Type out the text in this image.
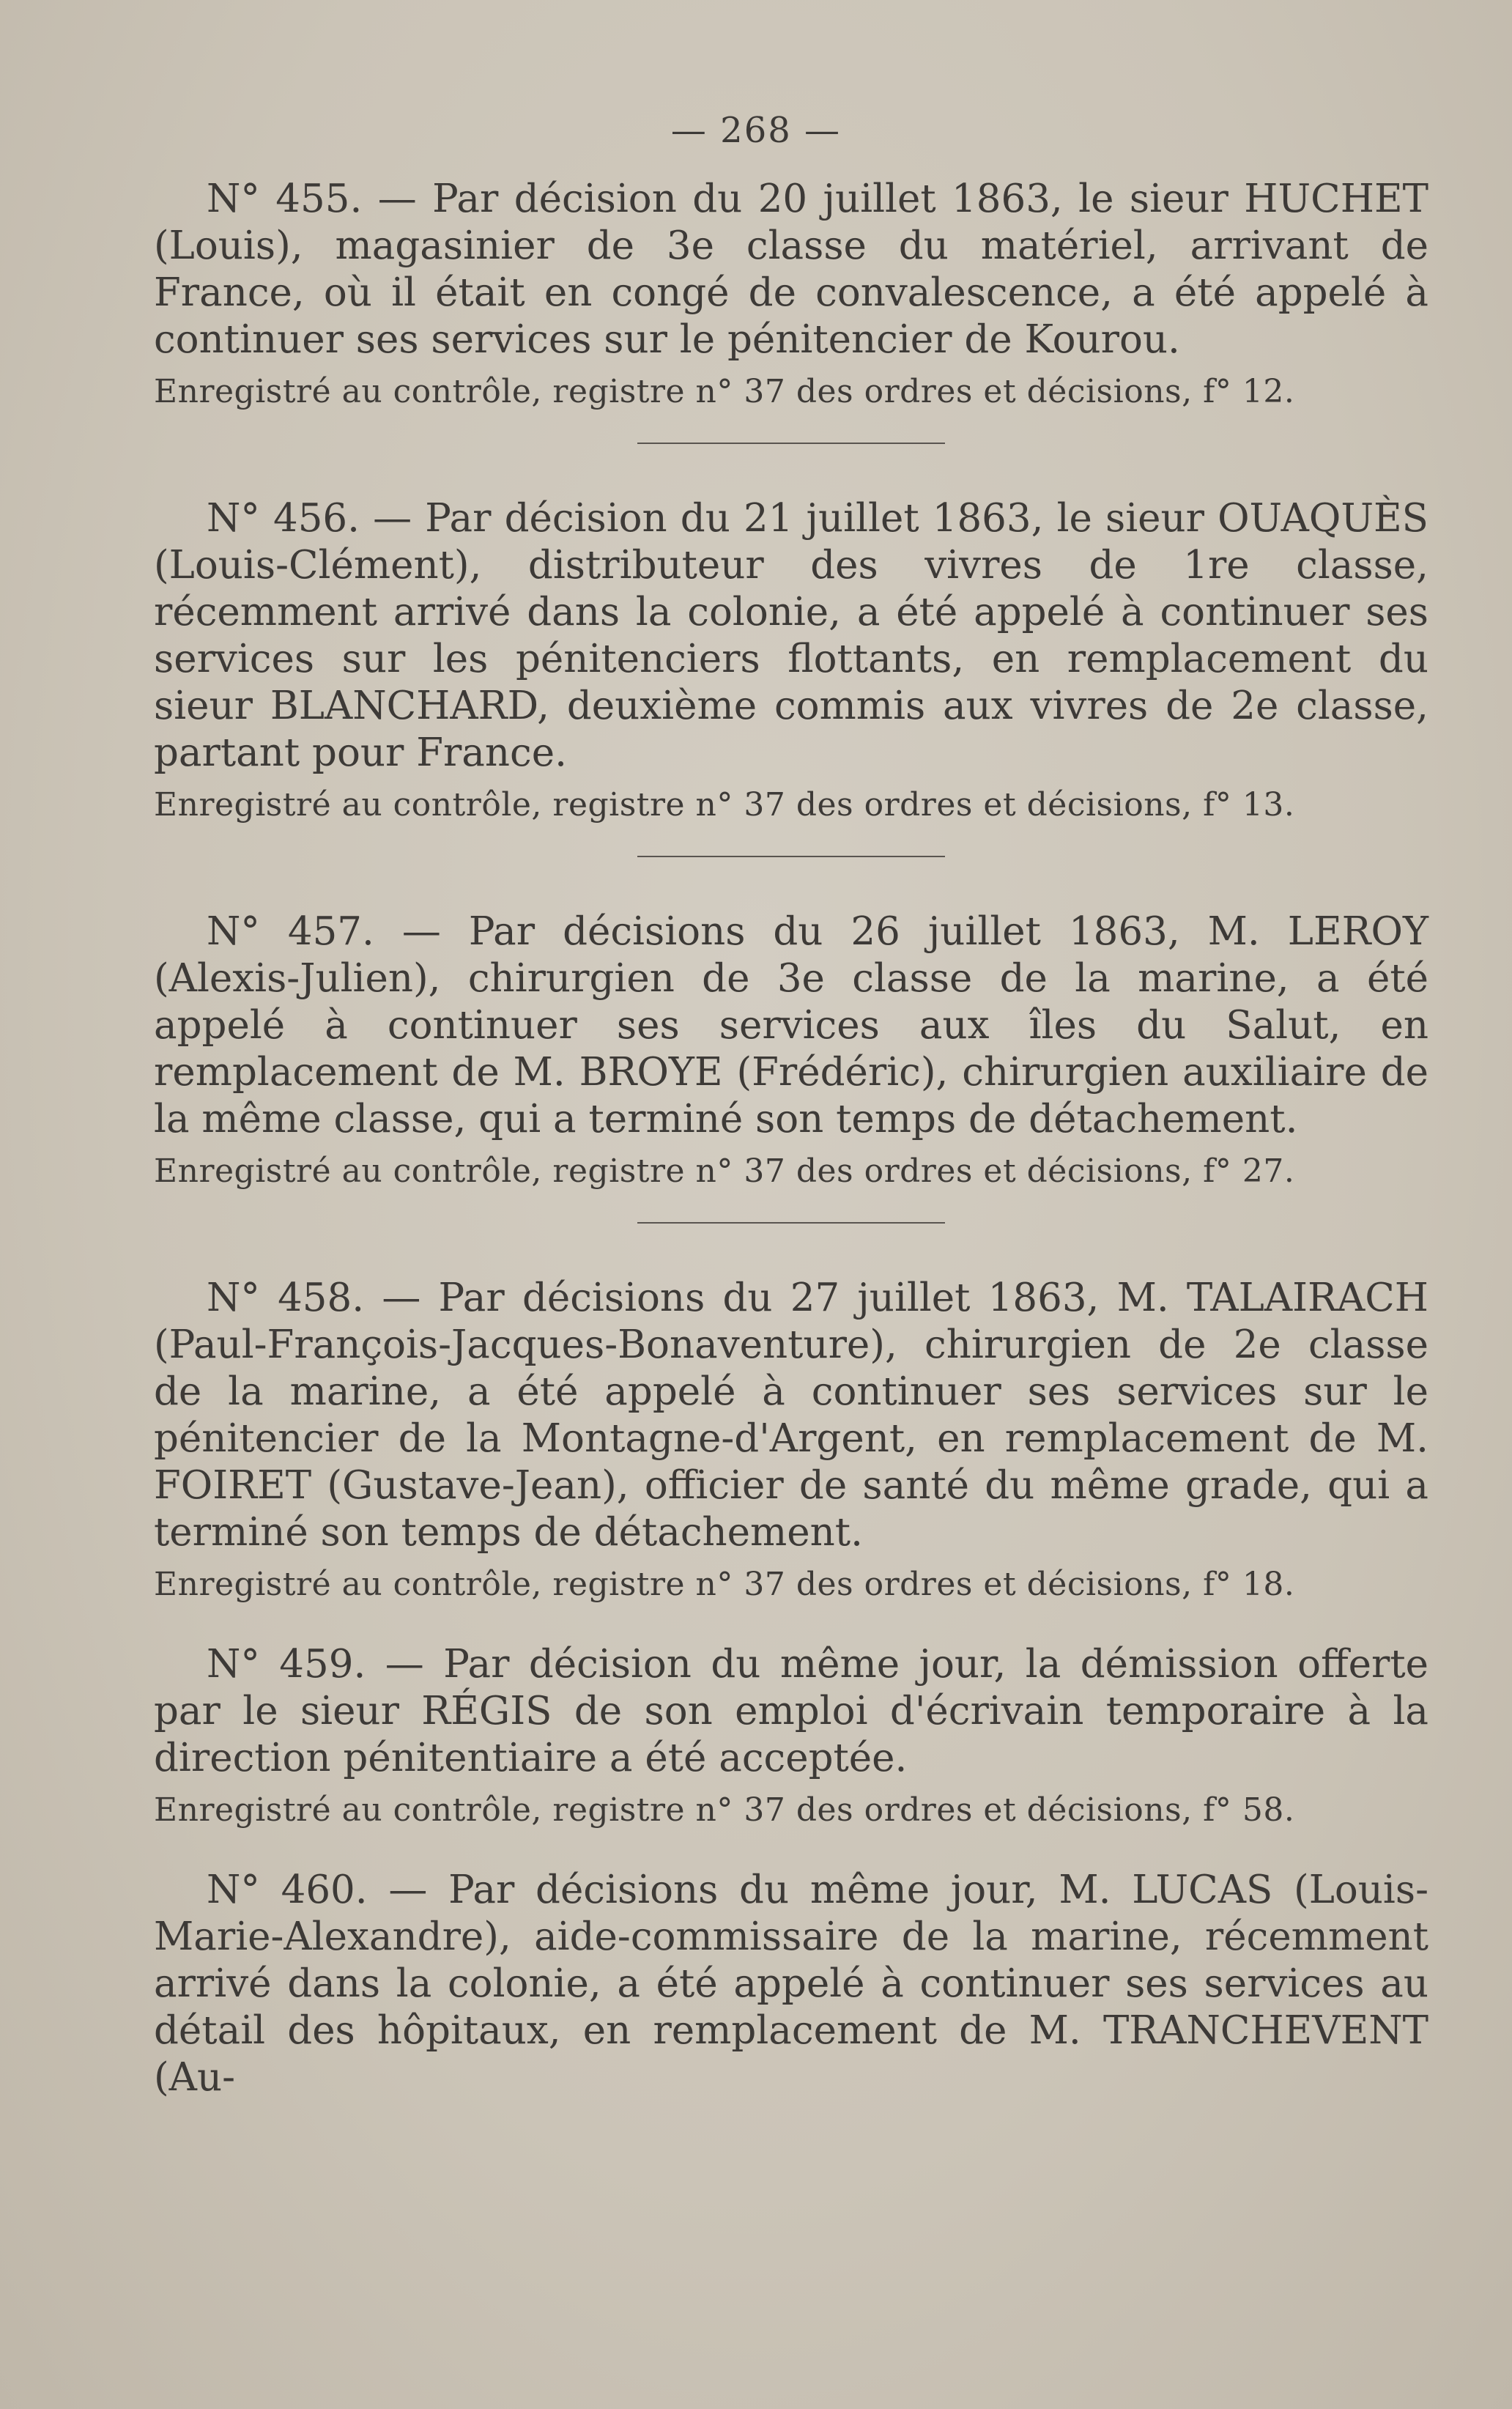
— 268 —

N° 455. — Par décision du 20 juillet 1863, le sieur HUCHET (Louis), magasinier de 3e classe du matériel, arrivant de France, où il était en congé de convalescence, a été appelé à continuer ses services sur le pénitencier de Kourou.

Enregistré au contrôle, registre n° 37 des ordres et décisions, f° 12.

N° 456. — Par décision du 21 juillet 1863, le sieur OUAQUÈS (Louis-Clément), distributeur des vivres de 1re classe, récemment arrivé dans la colonie, a été appelé à continuer ses services sur les pénitenciers flottants, en remplacement du sieur BLANCHARD, deuxième commis aux vivres de 2e classe, partant pour France.

Enregistré au contrôle, registre n° 37 des ordres et décisions, f° 13.

N° 457. — Par décisions du 26 juillet 1863, M. LEROY (Alexis-Julien), chirurgien de 3e classe de la marine, a été appelé à continuer ses services aux îles du Salut, en remplacement de M. BROYE (Frédéric), chirurgien auxiliaire de la même classe, qui a terminé son temps de détachement.

Enregistré au contrôle, registre n° 37 des ordres et décisions, f° 27.

N° 458. — Par décisions du 27 juillet 1863, M. TALAIRACH (Paul-François-Jacques-Bonaventure), chirurgien de 2e classe de la marine, a été appelé à continuer ses services sur le pénitencier de la Montagne-d'Argent, en remplacement de M. FOIRET (Gustave-Jean), officier de santé du même grade, qui a terminé son temps de détachement.

Enregistré au contrôle, registre n° 37 des ordres et décisions, f° 18.

N° 459. — Par décision du même jour, la démission offerte par le sieur RÉGIS de son emploi d'écrivain temporaire à la direction pénitentiaire a été acceptée.

Enregistré au contrôle, registre n° 37 des ordres et décisions, f° 58.

N° 460. — Par décisions du même jour, M. LUCAS (Louis-Marie-Alexandre), aide-commissaire de la marine, récemment arrivé dans la colonie, a été appelé à continuer ses services au détail des hôpitaux, en remplacement de M. TRANCHEVENT (Au-
